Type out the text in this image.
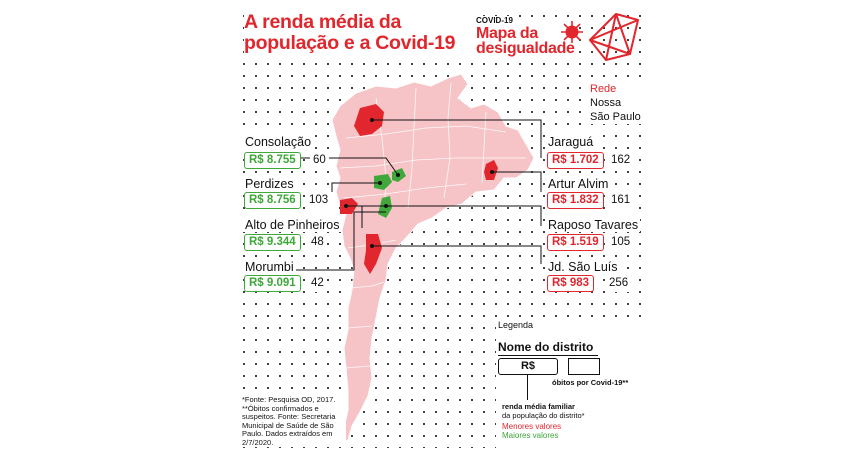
A renda média da
população e a Covid-19
COVID-19
Mapa da
desigualdade
Rede
Nossa
São Paulo
Consolação
R$ 8.755	60
Perdizes
R$ 8.756	103
Alto de Pinheiros
R$ 9.344	48
Morumbi
R$ 9.091	42
Jaraguá
R$ 1.702	162
Artur Alvim
R$ 1.832	161
Raposo Tavares
R$ 1.519	105
Jd. São Luís
R$ 983	256
Legenda
Nome do distrito
R$
óbitos por Covid-19**
renda média familiar
da população do distrito*
Menores valores
Maiores valores
*Fonte: Pesquisa OD, 2017.
**Óbitos confirmados e
suspeitos. Fonte: Secretaria
Municipal de Saúde de São
Paulo. Dados extraídos em
2/7/2020.
